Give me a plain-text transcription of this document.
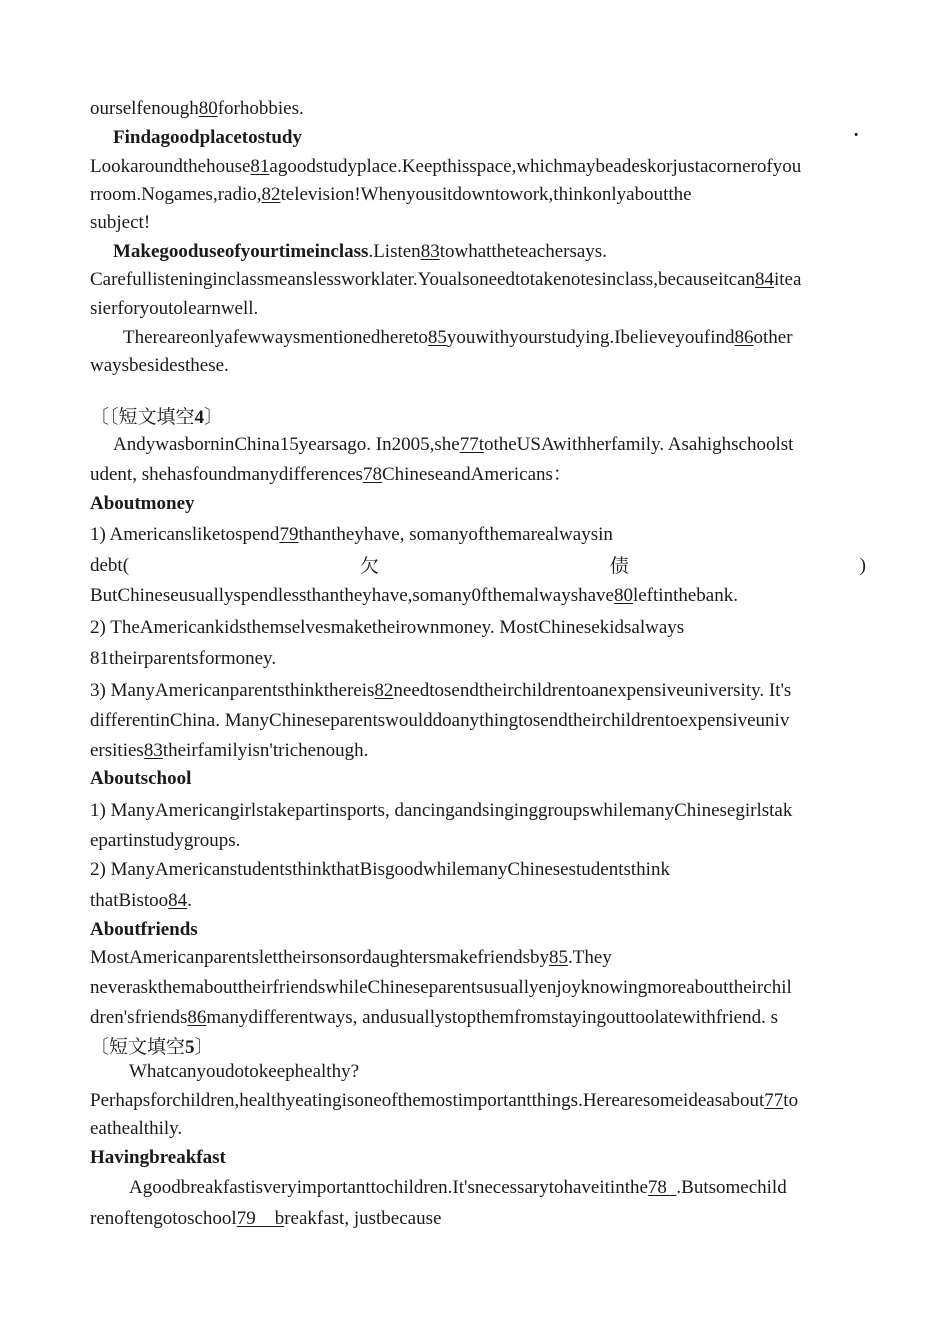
ourselfenough80forhobbies.
Findagoodplacetostudy	·
Lookaroundthehouse81agoodstudyplace.Keepthisspace,whichmaybeadeskorjustacornerofyou
rroom.Nogames,radio,82television!Whenyousitdowntowork,thinkonlyaboutthe
subject!
Makegooduseofyourtimeinclass.Listen83towhattheteachersays.
Carefullisteninginclassmeanslessworklater.Youalsoneedtotakenotesinclass,becauseitcan84itea
sierforyoutolearnwell.
Thereareonlyafewwaysmentionedhereto85youwithyourstudying.Ibelieveyoufind86other
waysbesidesthese.
〔〔短文填空4〕
AndywasborninChina15yearsago. In2005,she77totheUSAwithherfamily. Asahighschoolst
udent, shehasfoundmanydifferences78ChineseandAmericans：
Aboutmoney
1) Americansliketospend79thantheyhave, somanyofthemarealwaysin
debt(	欠	债	)
ButChineseusuallyspendlessthantheyhave,somany0fthemalwayshave80leftinthebank.
2) TheAmericankidsthemselvesmaketheirownmoney. MostChinesekidsalways
81theirparentsformoney.
3) ManyAmericanparentsthinkthereis82needtosendtheirchildrentoanexpensiveuniversity. It's
differentinChina. ManyChineseparentswoulddoanythingtosendtheirchildrentoexpensiveuniv
ersities83theirfamilyisn'trichenough.
Aboutschool
1) ManyAmericangirlstakepartinsports, dancingandsinginggroupswhilemanyChinesegirlstak
epartinstudygroups.
2) ManyAmericanstudentsthinkthatBisgoodwhilemanyChinesestudentsthink
thatBistoo84.
Aboutfriends
MostAmericanparentslettheirsonsordaughtersmakefriendsby85.They
neveraskthemabouttheirfriendswhileChineseparentsusuallyenjoyknowingmoreabouttheirchil
dren'sfriends86manydifferentways, andusuallystopthemfromstayingouttoolatewithfriend. s
〔短文填空5〕
Whatcanyoudotokeephealthy?
Perhapsforchildren,healthyeatingisoneofthemostimportantthings.Herearesomeideasabout77to
eathealthily.
Havingbreakfast
Agoodbreakfastisveryimportanttochildren.It'snecessarytohaveitinthe78  .Butsomechild
renoftengotoschool79    breakfast, justbecause
